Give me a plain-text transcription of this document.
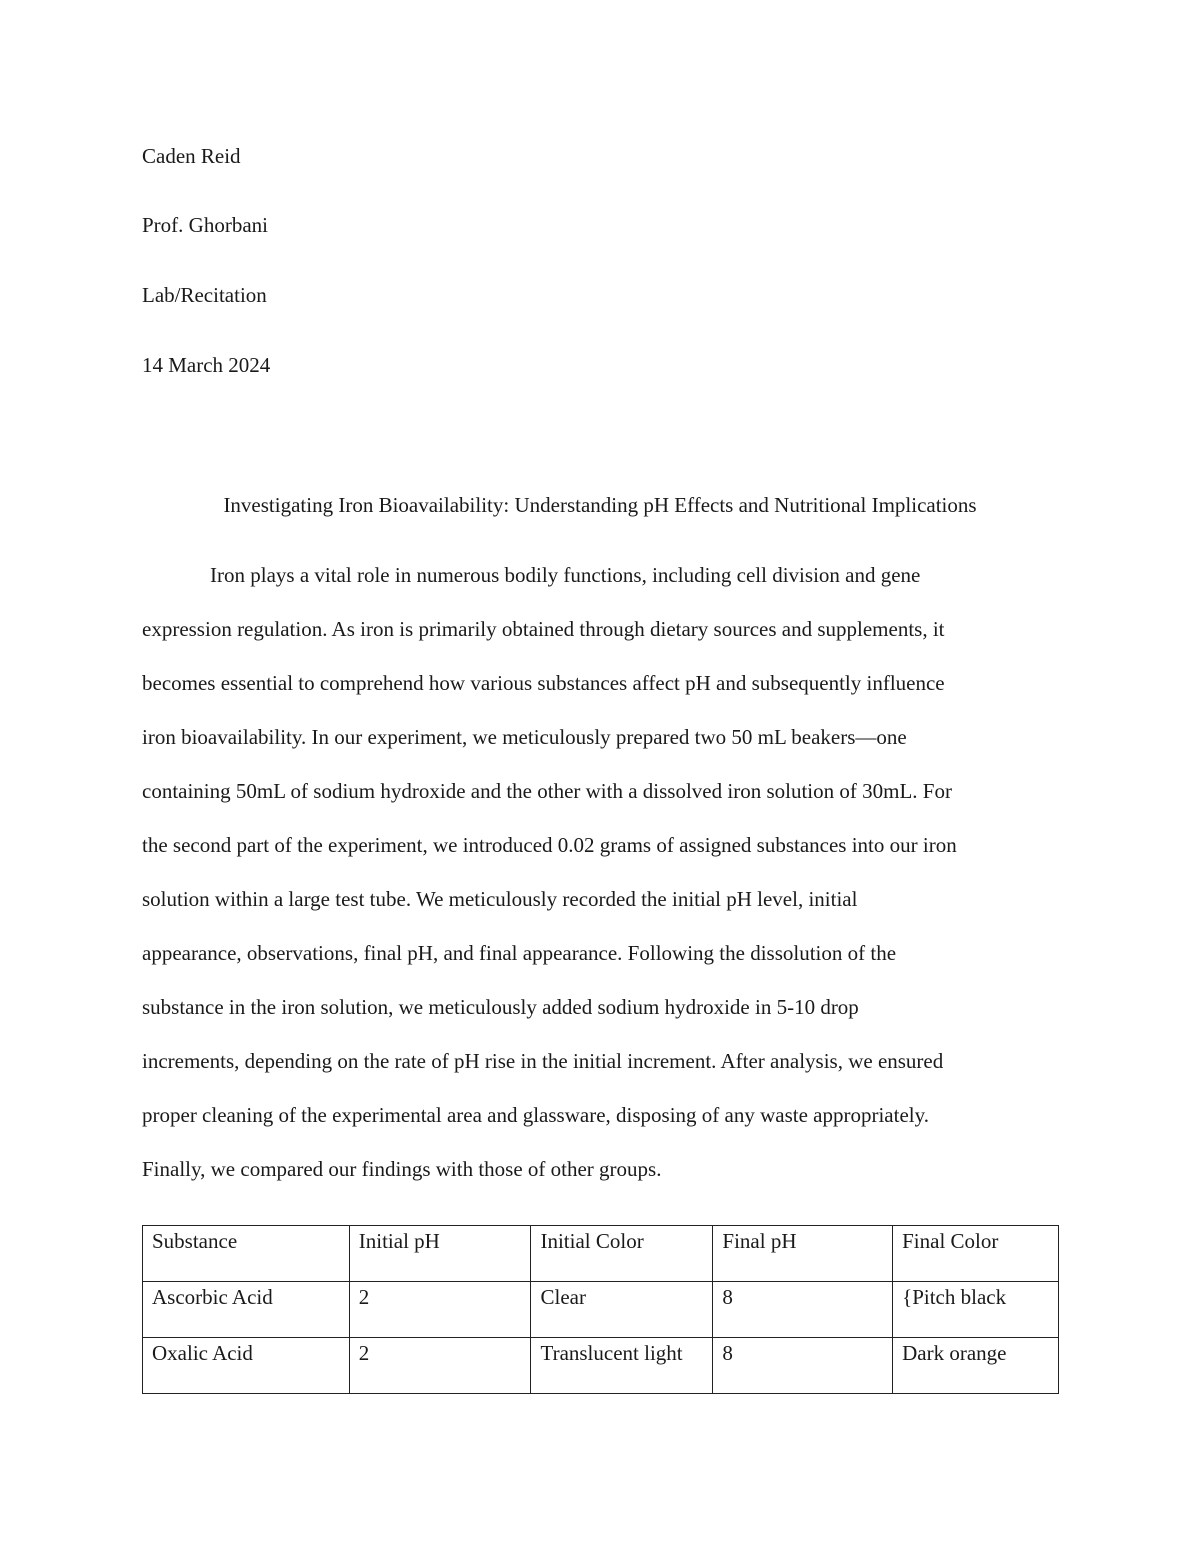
Caden Reid
Prof. Ghorbani
Lab/Recitation
14 March 2024
Investigating Iron Bioavailability: Understanding pH Effects and Nutritional Implications
Iron plays a vital role in numerous bodily functions, including cell division and gene
expression regulation. As iron is primarily obtained through dietary sources and supplements, it
becomes essential to comprehend how various substances affect pH and subsequently influence
iron bioavailability. In our experiment, we meticulously prepared two 50 mL beakers—one
containing 50mL of sodium hydroxide and the other with a dissolved iron solution of 30mL. For
the second part of the experiment, we introduced 0.02 grams of assigned substances into our iron
solution within a large test tube. We meticulously recorded the initial pH level, initial
appearance, observations, final pH, and final appearance. Following the dissolution of the
substance in the iron solution, we meticulously added sodium hydroxide in 5-10 drop
increments, depending on the rate of pH rise in the initial increment. After analysis, we ensured
proper cleaning of the experimental area and glassware, disposing of any waste appropriately.
Finally, we compared our findings with those of other groups.
Substance	Initial pH	Initial Color	Final pH	Final Color
Ascorbic Acid	2	Clear	8	{Pitch black
Oxalic Acid	2	Translucent light	8	Dark orange
